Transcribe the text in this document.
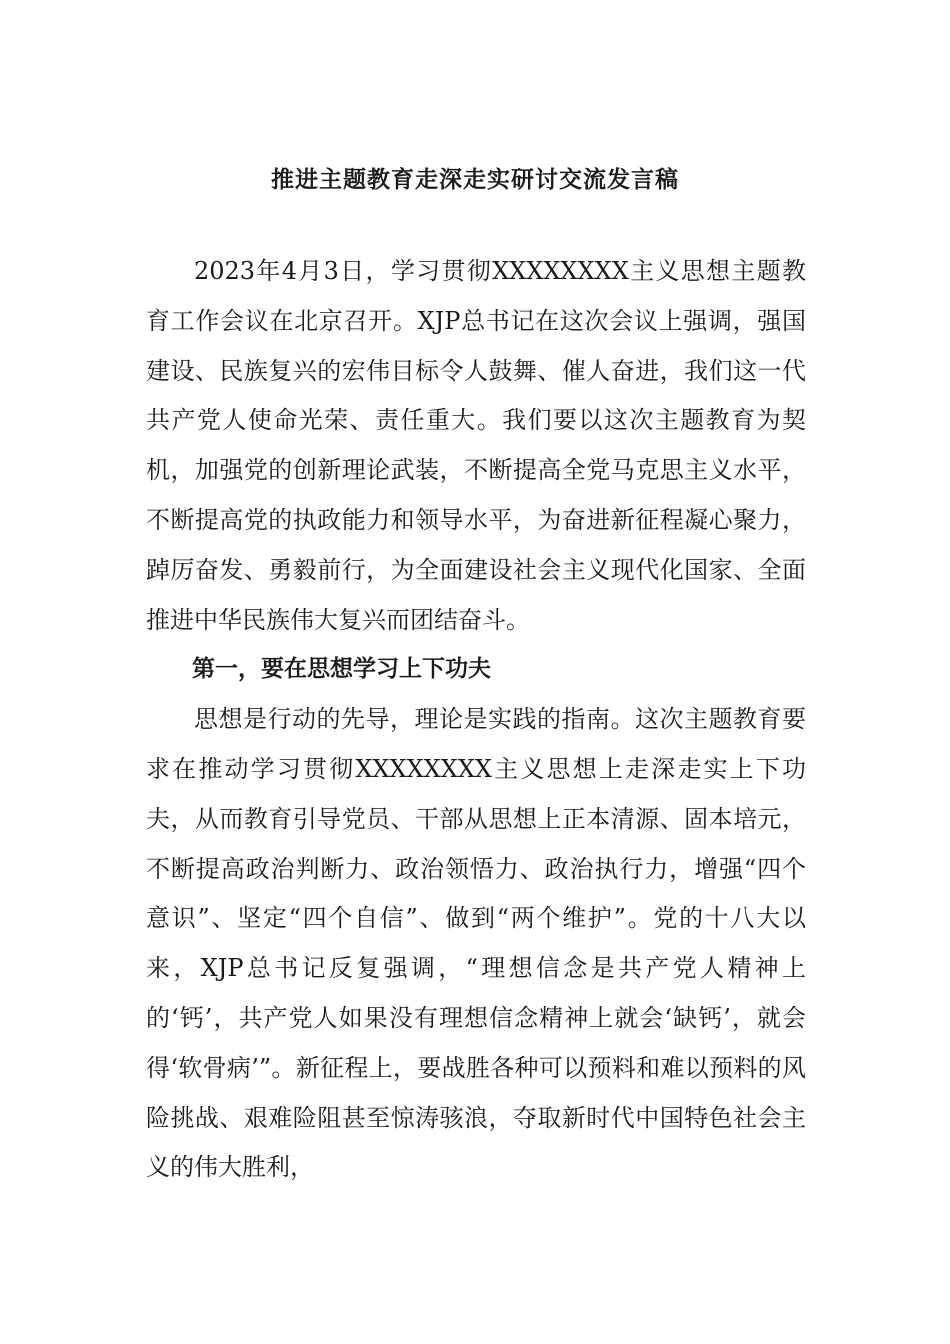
推进主题教育走深走实研讨交流发言稿

2023年4月3日，学习贯彻XXXXXXXX主义思想主题教育工作会议在北京召开。XJP总书记在这次会议上强调，强国建设、民族复兴的宏伟目标令人鼓舞、催人奋进，我们这一代共产党人使命光荣、责任重大。我们要以这次主题教育为契机，加强党的创新理论武装，不断提高全党马克思主义水平，不断提高党的执政能力和领导水平，为奋进新征程凝心聚力，踔厉奋发、勇毅前行，为全面建设社会主义现代化国家、全面推进中华民族伟大复兴而团结奋斗。

第一，要在思想学习上下功夫

思想是行动的先导，理论是实践的指南。这次主题教育要求在推动学习贯彻XXXXXXXX主义思想上走深走实上下功夫，从而教育引导党员、干部从思想上正本清源、固本培元，不断提高政治判断力、政治领悟力、政治执行力，增强“四个意识”、坚定“四个自信”、做到“两个维护”。党的十八大以来，XJP总书记反复强调，“理想信念是共产党人精神上的‘钙’，共产党人如果没有理想信念精神上就会‘缺钙’，就会得‘软骨病’”。新征程上，要战胜各种可以预料和难以预料的风险挑战、艰难险阻甚至惊涛骇浪，夺取新时代中国特色社会主义的伟大胜利，
